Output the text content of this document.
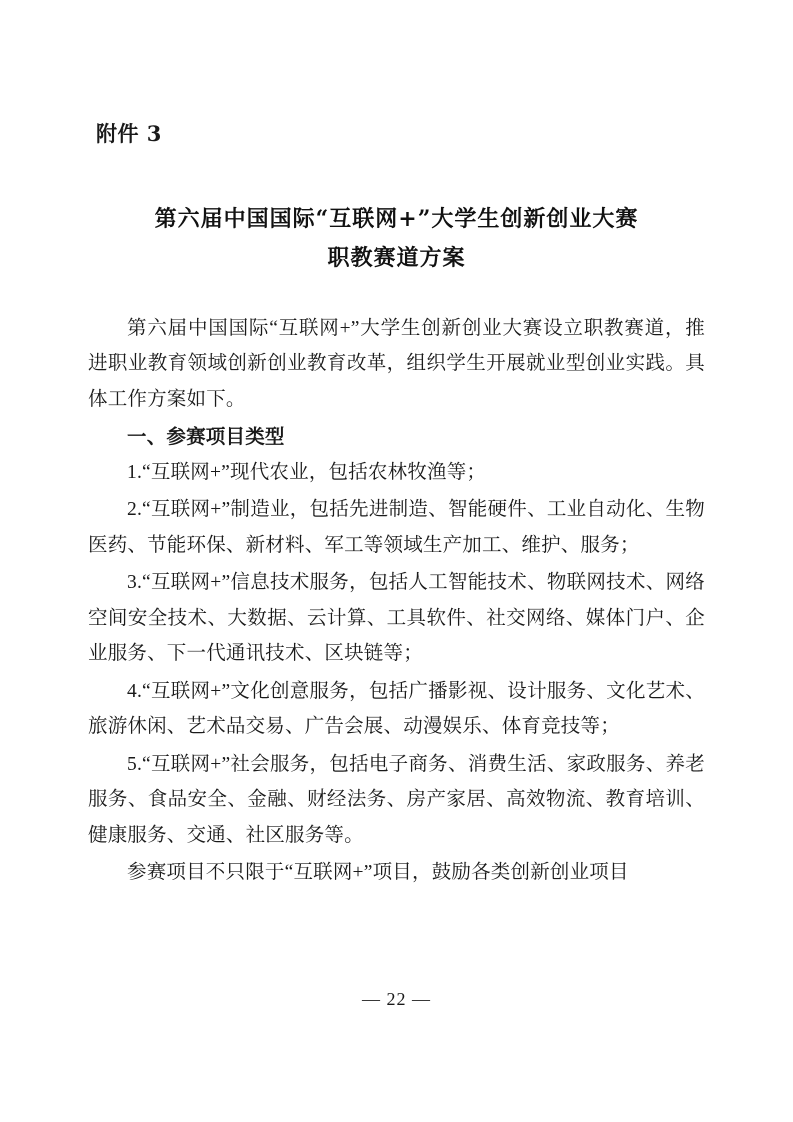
附件 3
第六届中国国际“互联网+”大学生创新创业大赛
职教赛道方案

第六届中国国际“互联网+”大学生创新创业大赛设立职教赛道，推进职业教育领域创新创业教育改革，组织学生开展就业型创业实践。具体工作方案如下。

一、参赛项目类型

1.“互联网+”现代农业，包括农林牧渔等；

2.“互联网+”制造业，包括先进制造、智能硬件、工业自动化、生物医药、节能环保、新材料、军工等领域生产加工、维护、服务；

3.“互联网+”信息技术服务，包括人工智能技术、物联网技术、网络空间安全技术、大数据、云计算、工具软件、社交网络、媒体门户、企业服务、下一代通讯技术、区块链等；

4.“互联网+”文化创意服务，包括广播影视、设计服务、文化艺术、旅游休闲、艺术品交易、广告会展、动漫娱乐、体育竞技等；

5.“互联网+”社会服务，包括电子商务、消费生活、家政服务、养老服务、食品安全、金融、财经法务、房产家居、高效物流、教育培训、健康服务、交通、社区服务等。

参赛项目不只限于“互联网+”项目，鼓励各类创新创业项目

— 22 —
